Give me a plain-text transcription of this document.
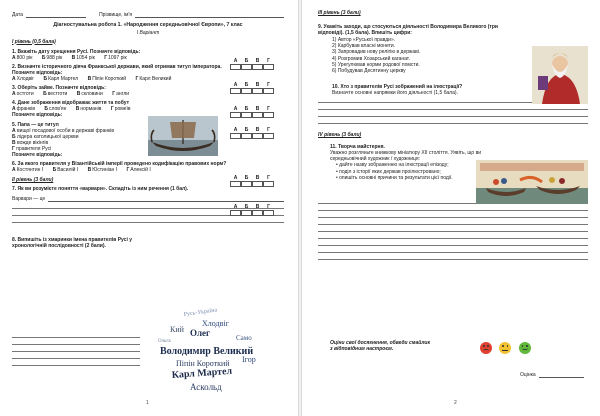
Дата	Прізвище, ім'я
Діагностувальна робота 1. «Народження середньовічної Європи», 7 клас
І Варіант
І рівень (0,5 бала)
1. Вкажіть дату хрещення Русі. Позначте відповідь:
А800 рік Б988 рік В1054 рік Г1097 рік
2. Визначте історичного діяча Франкської держави, який отримав титул імператора.
Позначте відповідь:
АХлодвіг БКарл Мартел ВПіпін Короткий ГКарл Великий
3. Оберіть зайве. Позначте відповідь:
Аостготи Бвестготи Вскловини Гангли
4. Дане зображення відображає життя та побут
Афранків Бслов'ян Внорманів Громеїв
Позначте відповідь:
5. Папа — це титул
А вищої посадової особи в державі франків
Б лідера католицької церкви
В вожде вікінгів
Г правителя Русі
Позначте відповідь:
6. За якого правителя у Візантійській імперії проведено кодифікацію правових норм?
АКостянтин І БВасилій І ВЮстиніан І ГАлексій І
А	Б	В	Г
А	Б	В	Г
А	Б	В	Г
А	Б	В	Г
А	Б	В	Г
А	Б	В	Г
ІІ рівень (3 бали)
7. Як ви розумієте поняття «варвари». Складіть із ним речення (1 бал).
Варвари — це
8. Випишіть із хмаринки імена правителів Русі у хронологічній послідовності (2 бали).
Русь-Україна
Хлодвіг
Кий Олег
Ольга	Самo
Володимир Великий
Ігор
Піпін Короткий
Карл Мартел
Аскольд
1
ІІІ рівень (3 бали)
9. Укажіть заходи, що стосуються діяльності Володимира Великого (три відповіді). (1,5 бала). Впишіть цифри:
1) Автор «Руської правди».
2) Карбував власні монети.
3) Запровадив нову релігію в державі.
4) Розгромив Хозарський каганат.
5) Урегулював норми родової помсти.
6) Побудував Десятинну церкву
10. Хто з правителів Русі зображений на ілюстрації?
Визначте основні напрямки його діяльності (1,5 бала).
ІV рівень (3 бали)
11. Творча майстерня.
Уважно розгляньте книжкову мініатюру XII століття. Уявіть, що ви середньовічний художник / художниця:
• дайте назву зображенню на ілюстрації епізоду;
• поділ з історії яких держав проілюстровано;
• опишіть основні причини та результати цієї події.
Оціни свої досягнення, обведи смайлик
з відповідним настроєм.

Оцінка
2
